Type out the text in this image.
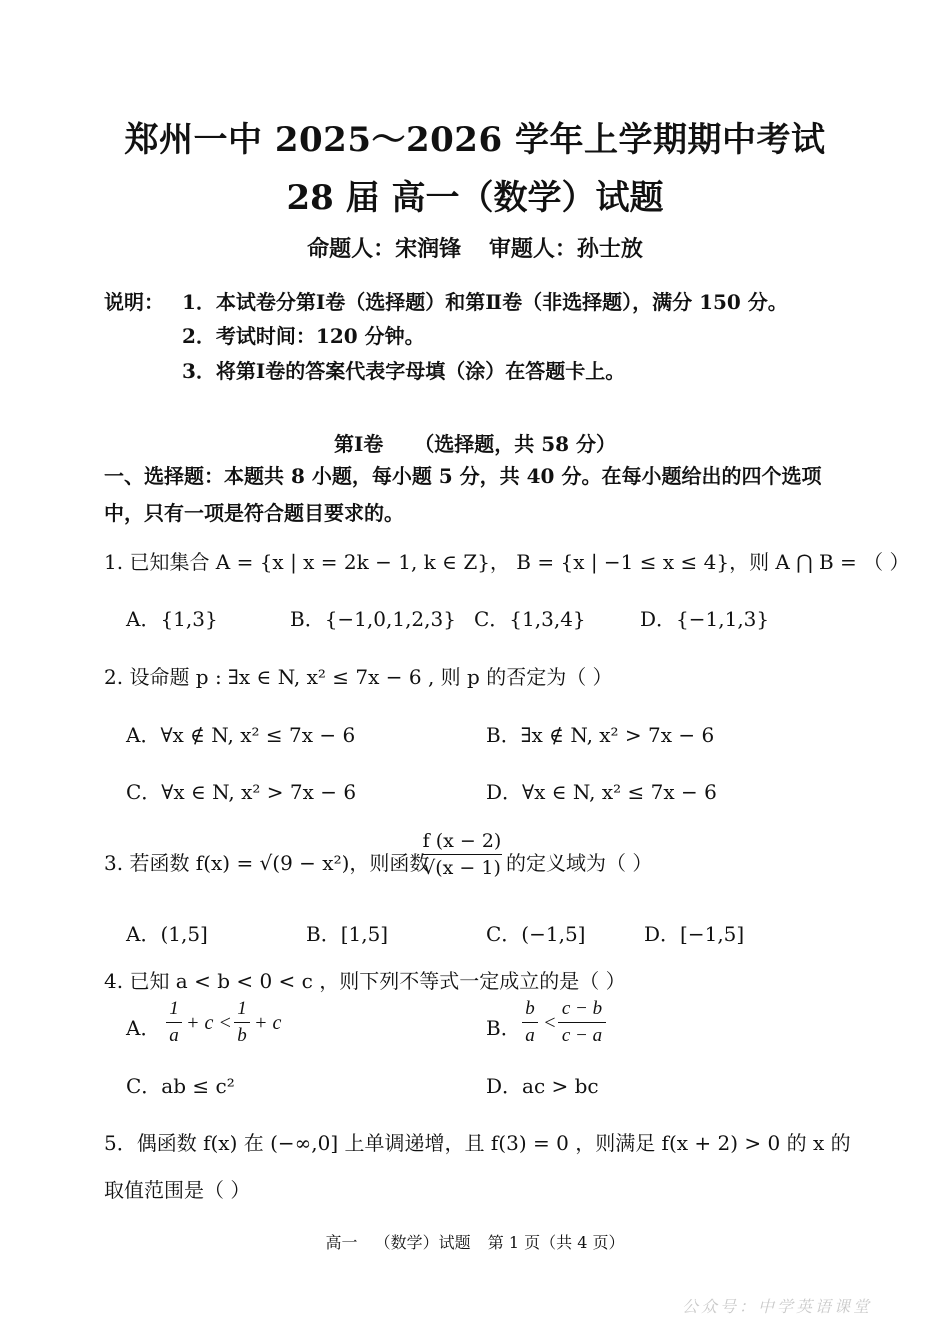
郑州一中 2025～2026 学年上学期期中考试
28 届 高一（数学）试题
命题人：宋润锋 审题人：孙士放
说明： 1．本试卷分第Ⅰ卷（选择题）和第Ⅱ卷（非选择题），满分 150 分。
2．考试时间：120 分钟。
3．将第Ⅰ卷的答案代表字母填（涂）在答题卡上。
第Ⅰ卷 （选择题，共 58 分）
一、选择题：本题共 8 小题，每小题 5 分，共 40 分。在每小题给出的四个选项中，只有一项是符合题目要求的。
1. 已知集合 A = {x | x = 2k − 1, k ∈ Z}， B = {x | −1 ≤ x ≤ 4}，则 A ⋂ B = （ ）
A．{1,3}	B．{−1,0,1,2,3} C．{1,3,4}	D．{−1,1,3}
2. 设命题 p : ∃x ∈ N, x² ≤ 7x − 6 , 则 p 的否定为（ ）
A．∀x ∉ N, x² ≤ 7x − 6	B．∃x ∉ N, x² > 7x − 6
C．∀x ∈ N, x² > 7x − 6	D．∀x ∈ N, x² ≤ 7x − 6
3. 若函数 f(x) = √(9 − x²)，则函数
f (x − 2)
√(x − 1) 的定义域为（ ）
A．(1,5]	B．[1,5]	C．(−1,5]	D．[−1,5]
4. 已知 a < b < 0 < c ，则下列不等式一定成立的是（ ）
A．
1
a
+ c <
1
b
+ c	B．
b
a
<
c − b
c − a
C．ab ≤ c²	D．ac > bc
5．偶函数 f(x) 在 (−∞,0] 上单调递增，且 f(3) = 0 ，则满足 f(x + 2) > 0 的 x 的
取值范围是（ ）
高一 （数学）试题 第 1 页（共 4 页）
公众号：中学英语课堂
